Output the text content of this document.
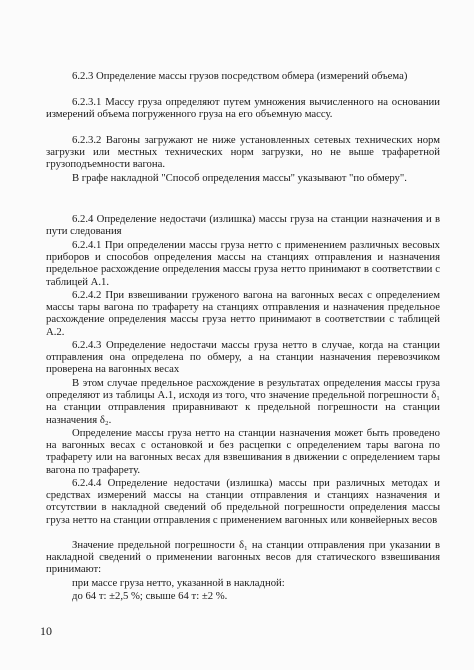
6.2.3 Определение массы грузов посредством обмера (измерений объема)

6.2.3.1 Массу груза определяют путем умножения вычисленного на основании измерений объема погруженного груза на его объемную массу.

6.2.3.2 Вагоны загружают не ниже установленных сетевых технических норм загрузки или местных технических норм загрузки, но не выше трафаретной грузоподъемности вагона.

В графе накладной "Способ определения массы" указывают "по обмеру".

6.2.4 Определение недостачи (излишка) массы груза на станции назначения и в пути следования

6.2.4.1 При определении массы груза нетто с применением различных весовых приборов и способов определения массы на станциях отправления и назначения предельное расхождение определения массы груза нетто принимают в соответствии с таблицей А.1.

6.2.4.2 При взвешивании груженого вагона на вагонных весах с определением массы тары вагона по трафарету на станциях отправления и назначения предельное расхождение определения массы груза нетто принимают в соответствии с таблицей А.2.

6.2.4.3 Определение недостачи массы груза нетто в случае, когда на станции отправления она определена по обмеру, а на станции назначения перевозчиком проверена на вагонных весах

В этом случае предельное расхождение в результатах определения массы груза определяют из таблицы А.1, исходя из того, что значение предельной погрешности δ₁ на станции отправления приравнивают к предельной погрешности на станции назначения δ₂.

Определение массы груза нетто на станции назначения может быть проведено на вагонных весах с остановкой и без расцепки с определением тары вагона по трафарету или на вагонных весах для взвешивания в движении с определением тары вагона по трафарету.

6.2.4.4 Определение недостачи (излишка) массы при различных методах и средствах измерений массы на станции отправления и станциях назначения и отсутствии в накладной сведений об предельной погрешности определения массы груза нетто на станции отправления с применением вагонных или конвейерных весов

Значение предельной погрешности δ₁ на станции отправления при указании в накладной сведений о применении вагонных весов для статического взвешивания принимают:

при массе груза нетто, указанной в накладной:

до 64 т: ±2,5 %; свыше 64 т: ±2 %.

10
